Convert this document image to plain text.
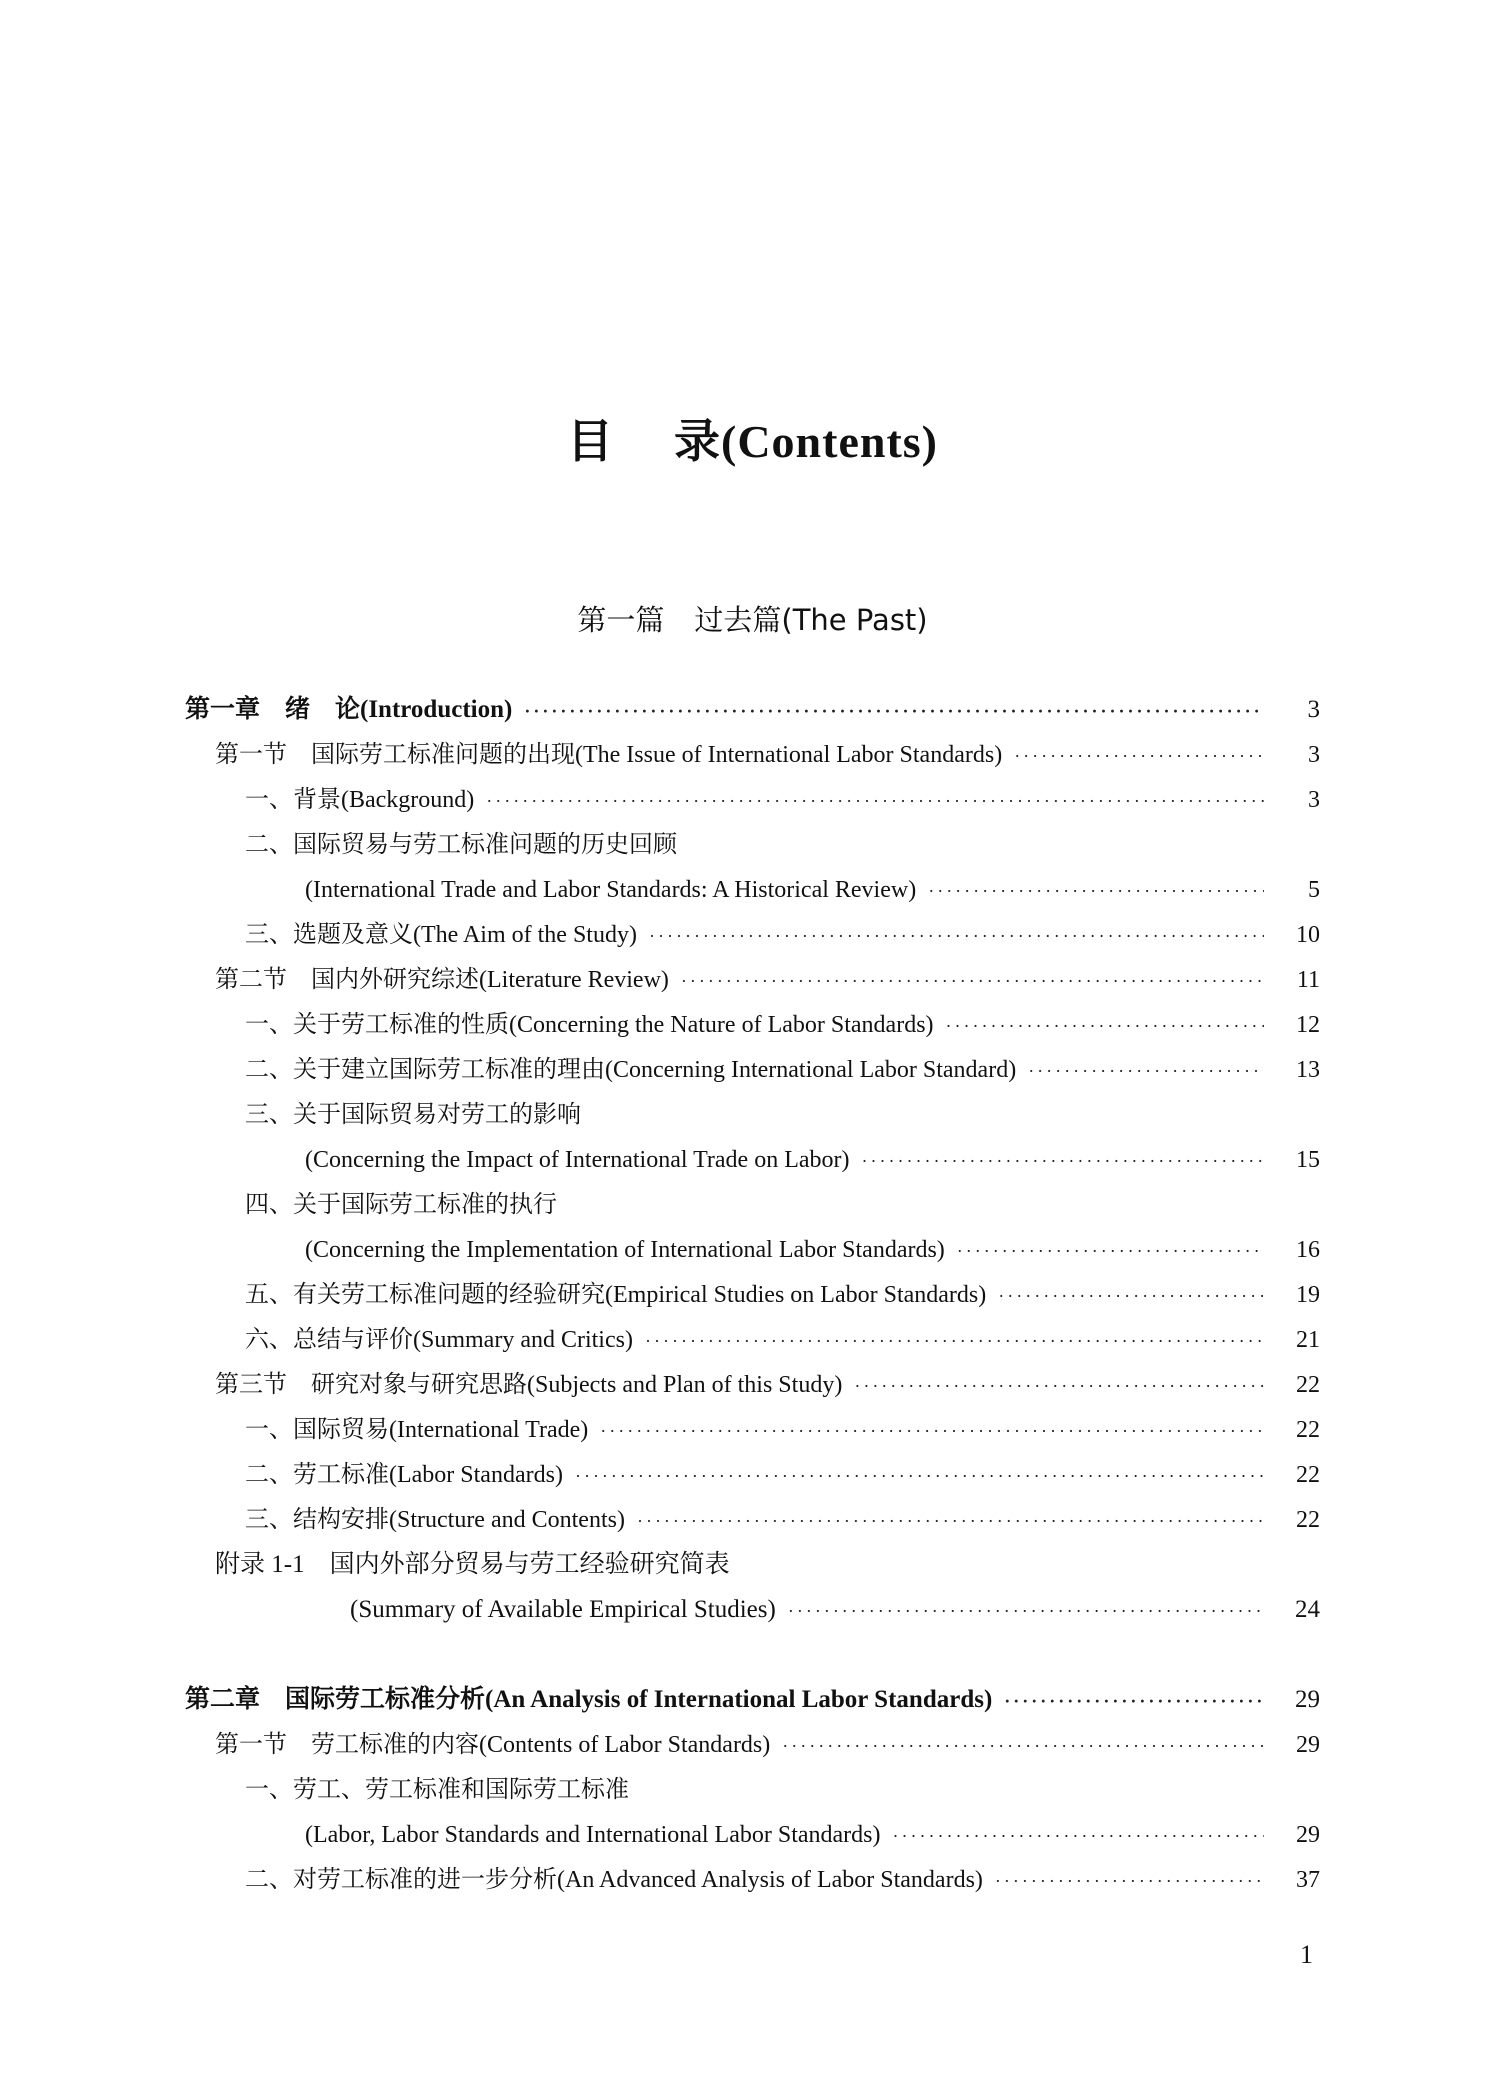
目 录(Contents)
第一篇 过去篇(The Past)
第一章　绪　论(Introduction) ·····	3
第一节　国际劳工标准问题的出现(The Issue of International Labor Standards) ·····	3
一、背景(Background) ·····	3
二、国际贸易与劳工标准问题的历史回顾
(International Trade and Labor Standards: A Historical Review) ·····	5
三、选题及意义(The Aim of the Study) ·····	10
第二节　国内外研究综述(Literature Review) ·····	11
一、关于劳工标准的性质(Concerning the Nature of Labor Standards) ·····	12
二、关于建立国际劳工标准的理由(Concerning International Labor Standard) ·····	13
三、关于国际贸易对劳工的影响
(Concerning the Impact of International Trade on Labor) ·····	15
四、关于国际劳工标准的执行
(Concerning the Implementation of International Labor Standards) ·····	16
五、有关劳工标准问题的经验研究(Empirical Studies on Labor Standards) ·····	19
六、总结与评价(Summary and Critics) ·····	21
第三节　研究对象与研究思路(Subjects and Plan of this Study) ·····	22
一、国际贸易(International Trade) ·····	22
二、劳工标准(Labor Standards) ·····	22
三、结构安排(Structure and Contents) ·····	22
附录 1-1　国内外部分贸易与劳工经验研究简表
(Summary of Available Empirical Studies) ·····	24
第二章　国际劳工标准分析(An Analysis of International Labor Standards) ·····	29
第一节　劳工标准的内容(Contents of Labor Standards) ·····	29
一、劳工、劳工标准和国际劳工标准
(Labor, Labor Standards and International Labor Standards) ·····	29
二、对劳工标准的进一步分析(An Advanced Analysis of Labor Standards) ·····	37
1
